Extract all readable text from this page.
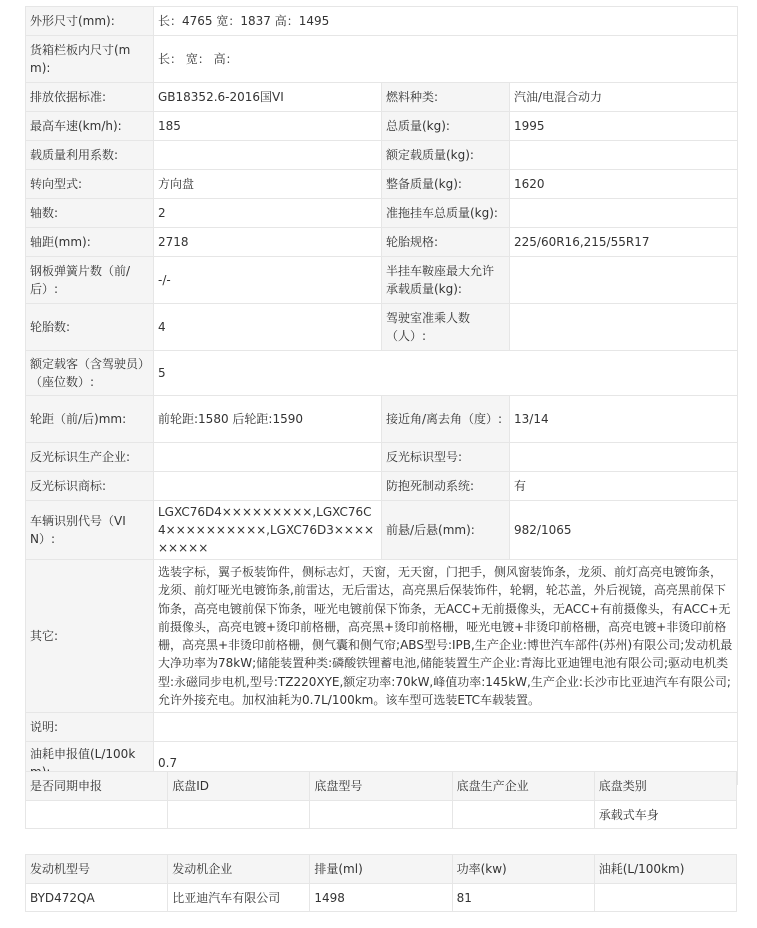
外形尺寸(mm):	长：4765 宽：1837 高：1495		
货箱栏板内尺寸(mm):	长： 宽： 高：		
排放依据标准:	GB18352.6-2016国VI	燃料种类:	汽油/电混合动力
最高车速(km/h):	185	总质量(kg):	1995
载质量利用系数:		额定载质量(kg):	
转向型式:	方向盘	整备质量(kg):	1620
轴数:	2	准拖挂车总质量(kg):	
轴距(mm):	2718	轮胎规格:	225/60R16,215/55R17
钢板弹簧片数（前/后）:	-/-	半挂车鞍座最大允许承载质量(kg):	
轮胎数:	4	驾驶室准乘人数（人）:	
额定载客（含驾驶员）（座位数）:	5		
轮距（前/后)mm:	前轮距:1580 后轮距:1590	接近角/离去角（度）:	13/14
反光标识生产企业:		反光标识型号:	
反光标识商标:		防抱死制动系统:	有
车辆识别代号（VIN）:	LGXC76D4×××××××××,LGXC76C4××××××××××,LGXC76D3×××××××××	前悬/后悬(mm):	982/1065
其它:	选装字标，翼子板装饰件，侧标志灯，天窗，无天窗，门把手，侧风窗装饰条，龙须、前灯高亮电镀饰条，龙须、前灯哑光电镀饰条,前雷达，无后雷达，高亮黑后保装饰件，轮辋，轮芯盖，外后视镜，高亮黑前保下饰条，高亮电镀前保下饰条，哑光电镀前保下饰条，无ACC+无前摄像头，无ACC+有前摄像头，有ACC+无前摄像头，高亮电镀+烫印前格栅，高亮黑+烫印前格栅，哑光电镀+非烫印前格栅，高亮电镀+非烫印前格栅，高亮黑+非烫印前格栅，侧气囊和侧气帘;ABS型号:IPB,生产企业:博世汽车部件(苏州)有限公司;发动机最大净功率为78kW;储能装置种类:磷酸铁锂蓄电池,储能装置生产企业:青海比亚迪锂电池有限公司;驱动电机类型:永磁同步电机,型号:TZ220XYE,额定功率:70kW,峰值功率:145kW,生产企业:长沙市比亚迪汽车有限公司;允许外接充电。加权油耗为0.7L/100km。该车型可选装ETC车载装置。		
说明:			
油耗申报值(L/100k	0.7		
是否同期申报	底盘ID	底盘型号	底盘生产企业	底盘类别
				承载式车身
发动机型号	发动机企业	排量(ml)	功率(kw)	油耗(L/100km)
BYD472QA	比亚迪汽车有限公司	1498	81	
